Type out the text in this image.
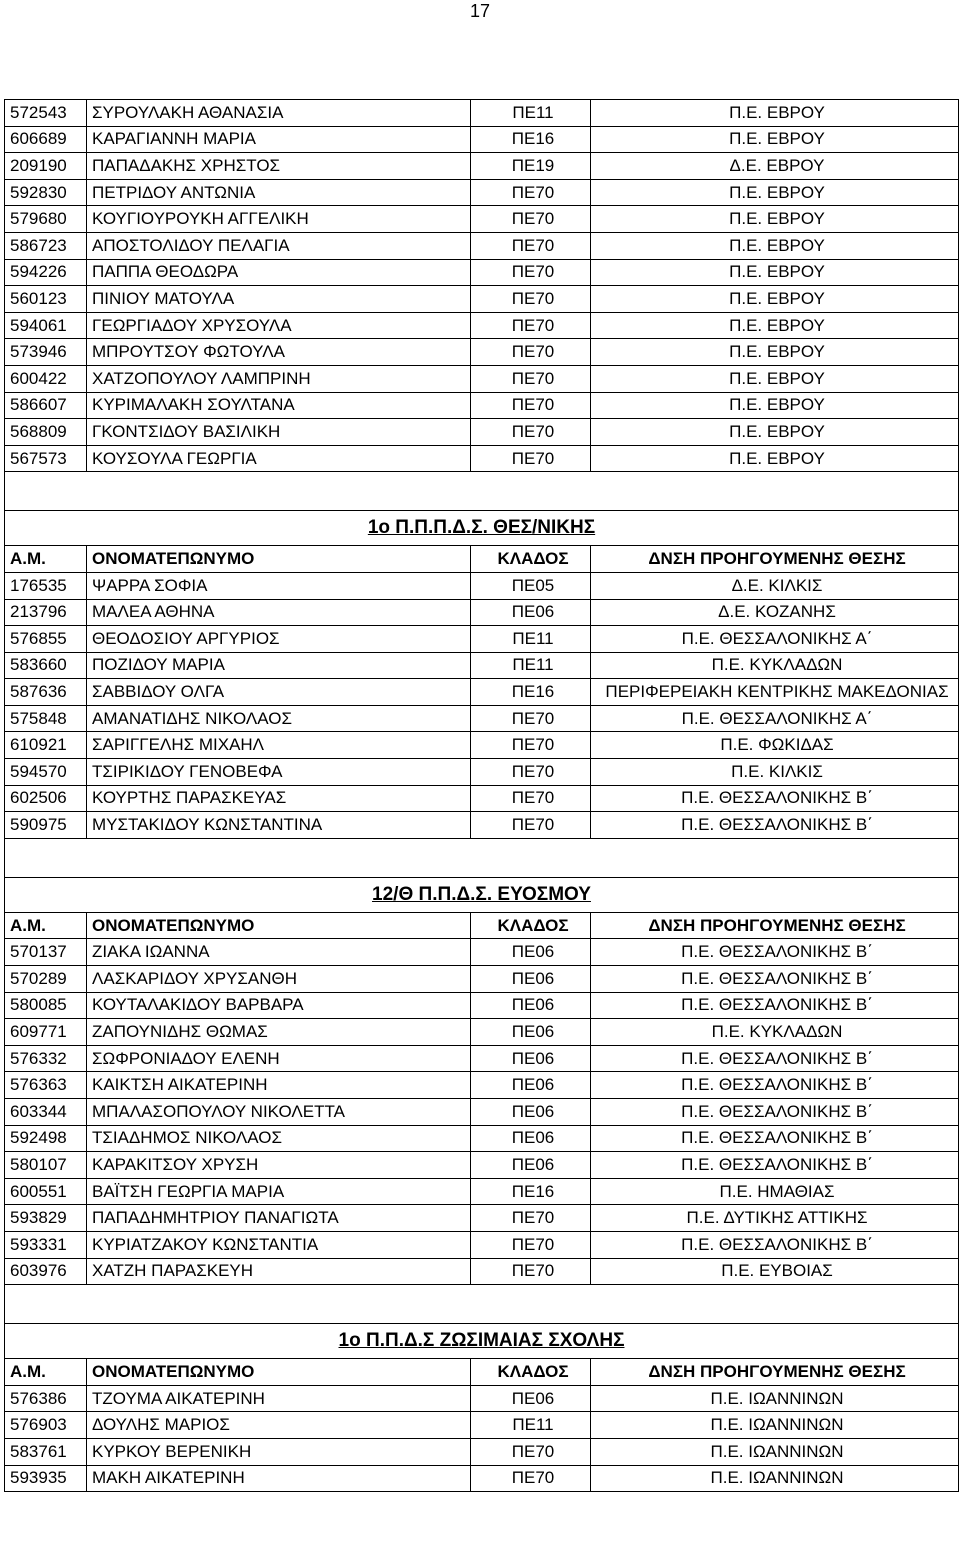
17
572543	ΣΥΡΟΥΛΑΚΗ ΑΘΑΝΑΣΙΑ	ΠΕ11	Π.Ε. ΕΒΡΟΥ
606689	ΚΑΡΑΓΙΑΝΝΗ ΜΑΡΙΑ	ΠΕ16	Π.Ε. ΕΒΡΟΥ
209190	ΠΑΠΑΔΑΚΗΣ ΧΡΗΣΤΟΣ	ΠΕ19	Δ.Ε. ΕΒΡΟΥ
592830	ΠΕΤΡΙΔΟΥ ΑΝΤΩΝΙΑ	ΠΕ70	Π.Ε. ΕΒΡΟΥ
579680	ΚΟΥΓΙΟΥΡΟΥΚΗ ΑΓΓΕΛΙΚΗ	ΠΕ70	Π.Ε. ΕΒΡΟΥ
586723	ΑΠΟΣΤΟΛΙΔΟΥ ΠΕΛΑΓΙΑ	ΠΕ70	Π.Ε. ΕΒΡΟΥ
594226	ΠΑΠΠΑ ΘΕΟΔΩΡΑ	ΠΕ70	Π.Ε. ΕΒΡΟΥ
560123	ΠΙΝΙΟΥ ΜΑΤΟΥΛΑ	ΠΕ70	Π.Ε. ΕΒΡΟΥ
594061	ΓΕΩΡΓΙΑΔΟΥ ΧΡΥΣΟΥΛΑ	ΠΕ70	Π.Ε. ΕΒΡΟΥ
573946	ΜΠΡΟΥΤΣΟΥ ΦΩΤΟΥΛΑ	ΠΕ70	Π.Ε. ΕΒΡΟΥ
600422	ΧΑΤΖΟΠΟΥΛΟΥ ΛΑΜΠΡΙΝΗ	ΠΕ70	Π.Ε. ΕΒΡΟΥ
586607	ΚΥΡΙΜΑΛΑΚΗ ΣΟΥΛΤΑΝΑ	ΠΕ70	Π.Ε. ΕΒΡΟΥ
568809	ΓΚΟΝΤΣΙΔΟΥ ΒΑΣΙΛΙΚΗ	ΠΕ70	Π.Ε. ΕΒΡΟΥ
567573	ΚΟΥΣΟΥΛΑ ΓΕΩΡΓΙΑ	ΠΕ70	Π.Ε. ΕΒΡΟΥ

1ο Π.Π.Π.Δ.Σ. ΘΕΣ/ΝΙΚΗΣ			
Α.Μ.	ΟΝΟΜΑΤΕΠΩΝΥΜΟ	ΚΛΑΔΟΣ	ΔΝΣΗ ΠΡΟΗΓΟΥΜΕΝΗΣ ΘΕΣΗΣ
176535	ΨΑΡΡΑ ΣΟΦΙΑ	ΠΕ05	Δ.Ε. ΚΙΛΚΙΣ
213796	ΜΑΛΕΑ ΑΘΗΝΑ	ΠΕ06	Δ.Ε. ΚΟΖΑΝΗΣ
576855	ΘΕΟΔΟΣΙΟΥ ΑΡΓΥΡΙΟΣ	ΠΕ11	Π.Ε. ΘΕΣΣΑΛΟΝΙΚΗΣ Α΄
583660	ΠΟΖΙΔΟΥ ΜΑΡΙΑ	ΠΕ11	Π.Ε. ΚΥΚΛΑΔΩΝ
587636	ΣΑΒΒΙΔΟΥ ΟΛΓΑ	ΠΕ16	ΠΕΡΙΦΕΡΕΙΑΚΗ ΚΕΝΤΡΙΚΗΣ ΜΑΚΕΔΟΝΙΑΣ
575848	ΑΜΑΝΑΤΙΔΗΣ ΝΙΚΟΛΑΟΣ	ΠΕ70	Π.Ε. ΘΕΣΣΑΛΟΝΙΚΗΣ Α΄
610921	ΣΑΡΙΓΓΕΛΗΣ ΜΙΧΑΗΛ	ΠΕ70	Π.Ε. ΦΩΚΙΔΑΣ
594570	ΤΣΙΡΙΚΙΔΟΥ ΓΕΝΟΒΕΦΑ	ΠΕ70	Π.Ε. ΚΙΛΚΙΣ
602506	ΚΟΥΡΤΗΣ ΠΑΡΑΣΚΕΥΑΣ	ΠΕ70	Π.Ε. ΘΕΣΣΑΛΟΝΙΚΗΣ Β΄
590975	ΜΥΣΤΑΚΙΔΟΥ ΚΩΝΣΤΑΝΤΙΝΑ	ΠΕ70	Π.Ε. ΘΕΣΣΑΛΟΝΙΚΗΣ Β΄

12/Θ Π.Π.Δ.Σ. ΕΥΟΣΜΟΥ			
Α.Μ.	ΟΝΟΜΑΤΕΠΩΝΥΜΟ	ΚΛΑΔΟΣ	ΔΝΣΗ ΠΡΟΗΓΟΥΜΕΝΗΣ ΘΕΣΗΣ
570137	ΖΙΑΚΑ ΙΩΑΝΝΑ	ΠΕ06	Π.Ε. ΘΕΣΣΑΛΟΝΙΚΗΣ Β΄
570289	ΛΑΣΚΑΡΙΔΟΥ ΧΡΥΣΑΝΘΗ	ΠΕ06	Π.Ε. ΘΕΣΣΑΛΟΝΙΚΗΣ Β΄
580085	ΚΟΥΤΑΛΑΚΙΔΟΥ ΒΑΡΒΑΡΑ	ΠΕ06	Π.Ε. ΘΕΣΣΑΛΟΝΙΚΗΣ Β΄
609771	ΖΑΠΟΥΝΙΔΗΣ ΘΩΜΑΣ	ΠΕ06	Π.Ε. ΚΥΚΛΑΔΩΝ
576332	ΣΩΦΡΟΝΙΑΔΟΥ ΕΛΕΝΗ	ΠΕ06	Π.Ε. ΘΕΣΣΑΛΟΝΙΚΗΣ Β΄
576363	ΚΑΙΚΤΣΗ ΑΙΚΑΤΕΡΙΝΗ	ΠΕ06	Π.Ε. ΘΕΣΣΑΛΟΝΙΚΗΣ Β΄
603344	ΜΠΑΛΑΣΟΠΟΥΛΟΥ ΝΙΚΟΛΕΤΤΑ	ΠΕ06	Π.Ε. ΘΕΣΣΑΛΟΝΙΚΗΣ Β΄
592498	ΤΣΙΑΔΗΜΟΣ ΝΙΚΟΛΑΟΣ	ΠΕ06	Π.Ε. ΘΕΣΣΑΛΟΝΙΚΗΣ Β΄
580107	ΚΑΡΑΚΙΤΣΟΥ ΧΡΥΣΗ	ΠΕ06	Π.Ε. ΘΕΣΣΑΛΟΝΙΚΗΣ Β΄
600551	ΒΑΪΤΣΗ ΓΕΩΡΓΙΑ ΜΑΡΙΑ	ΠΕ16	Π.Ε. ΗΜΑΘΙΑΣ
593829	ΠΑΠΑΔΗΜΗΤΡΙΟΥ ΠΑΝΑΓΙΩΤΑ	ΠΕ70	Π.Ε. ΔΥΤΙΚΗΣ ΑΤΤΙΚΗΣ
593331	ΚΥΡΙΑΤΖΑΚΟΥ ΚΩΝΣΤΑΝΤΙΑ	ΠΕ70	Π.Ε. ΘΕΣΣΑΛΟΝΙΚΗΣ Β΄
603976	ΧΑΤΖΗ ΠΑΡΑΣΚΕΥΗ	ΠΕ70	Π.Ε. ΕΥΒΟΙΑΣ

1ο Π.Π.Δ.Σ ΖΩΣΙΜΑΙΑΣ ΣΧΟΛΗΣ			
Α.Μ.	ΟΝΟΜΑΤΕΠΩΝΥΜΟ	ΚΛΑΔΟΣ	ΔΝΣΗ ΠΡΟΗΓΟΥΜΕΝΗΣ ΘΕΣΗΣ
576386	ΤΖΟΥΜΑ ΑΙΚΑΤΕΡΙΝΗ	ΠΕ06	Π.Ε. ΙΩΑΝΝΙΝΩΝ
576903	ΔΟΥΛΗΣ ΜΑΡΙΟΣ	ΠΕ11	Π.Ε. ΙΩΑΝΝΙΝΩΝ
583761	ΚΥΡΚΟΥ ΒΕΡΕΝΙΚΗ	ΠΕ70	Π.Ε. ΙΩΑΝΝΙΝΩΝ
593935	ΜΑΚΗ ΑΙΚΑΤΕΡΙΝΗ	ΠΕ70	Π.Ε. ΙΩΑΝΝΙΝΩΝ
